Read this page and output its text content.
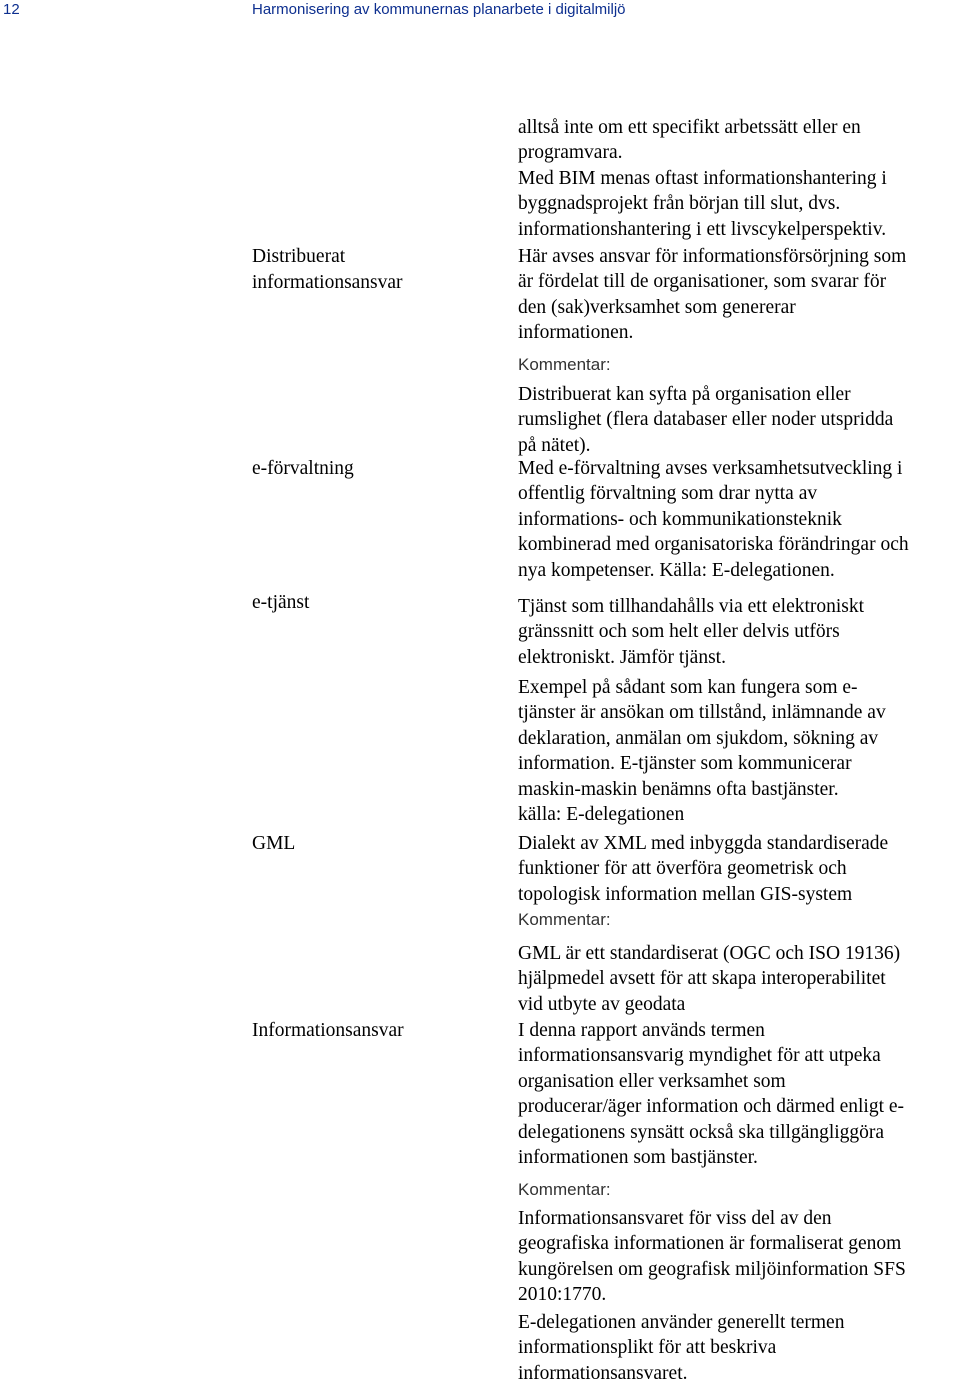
12	Harmonisering av kommunernas planarbete i digitalmiljö
Distribuerat
informationsansvar
e-förvaltning
e-tjänst
GML
Informationsansvar
alltså inte om ett specifikt arbetssätt eller en
programvara.
Med BIM menas oftast informationshantering i
byggnadsprojekt från början till slut, dvs.
informationshantering i ett livscykelperspektiv.
Här avses ansvar för informationsförsörjning som
är fördelat till de organisationer, som svarar för
den (sak)verksamhet som genererar
informationen.
Kommentar:
Distribuerat kan syfta på organisation eller
rumslighet (flera databaser eller noder utspridda
på nätet).
Med e-förvaltning avses verksamhetsutveckling i
offentlig förvaltning som drar nytta av
informations- och kommunikationsteknik
kombinerad med organisatoriska förändringar och
nya kompetenser. Källa: E-delegationen.
Tjänst som tillhandahålls via ett elektroniskt
gränssnitt och som helt eller delvis utförs
elektroniskt. Jämför tjänst.
Exempel på sådant som kan fungera som e-
tjänster är ansökan om tillstånd, inlämnande av
deklaration, anmälan om sjukdom, sökning av
information. E-tjänster som kommunicerar
maskin-maskin benämns ofta bastjänster.
källa: E-delegationen
Dialekt av XML med inbyggda standardiserade
funktioner för att överföra geometrisk och
topologisk information mellan GIS-system
Kommentar:
GML är ett standardiserat (OGC och ISO 19136)
hjälpmedel avsett för att skapa interoperabilitet
vid utbyte av geodata
I denna rapport används termen
informationsansvarig myndighet för att utpeka
organisation eller verksamhet som
producerar/äger information och därmed enligt e-
delegationens synsätt också ska tillgängliggöra
informationen som bastjänster.
Kommentar:
Informationsansvaret för viss del av den
geografiska informationen är formaliserat genom
kungörelsen om geografisk miljöinformation SFS
2010:1770.
E-delegationen använder generellt termen
informationsplikt för att beskriva
informationsansvaret.
